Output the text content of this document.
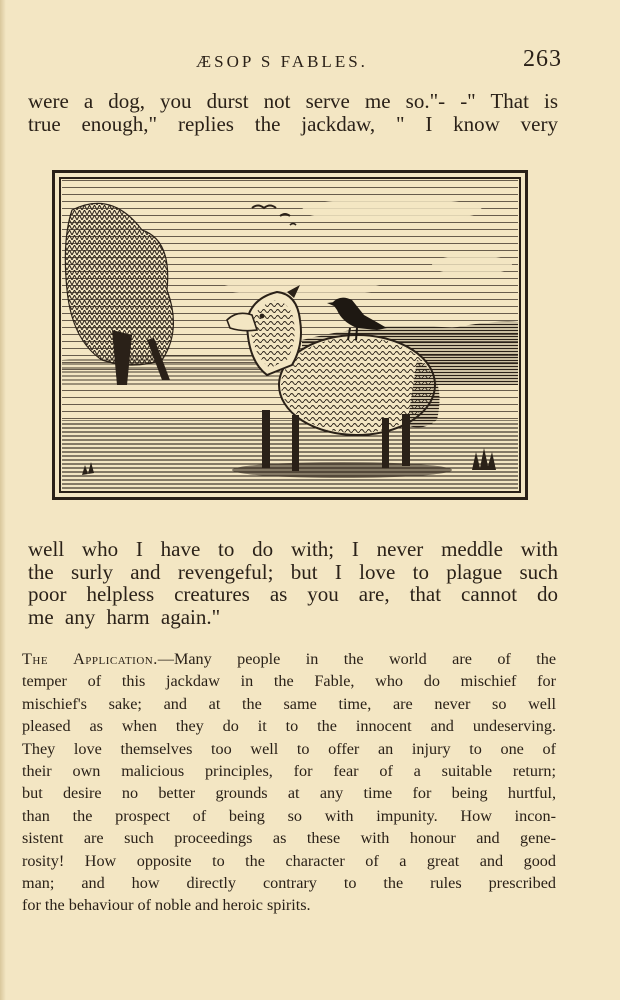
ÆSOP S FABLES.	263
were a dog, you durst not serve me so."- -" That is
true enough," replies the jackdaw, " I know very
well who I have to do with; I never meddle with
the surly and revengeful; but I love to plague such
poor helpless creatures as you are, that cannot do
me any harm again."
The Application.—Many people in the world are of the
temper of this jackdaw in the Fable, who do mischief for
mischief's sake; and at the same time, are never so well
pleased as when they do it to the innocent and undeserving.
They love themselves too well to offer an injury to one of
their own malicious principles, for fear of a suitable return;
but desire no better grounds at any time for being hurtful,
than the prospect of being so with impunity. How incon-
sistent are such proceedings as these with honour and gene-
rosity! How opposite to the character of a great and good
man; and how directly contrary to the rules prescribed
for the behaviour of noble and heroic spirits.
